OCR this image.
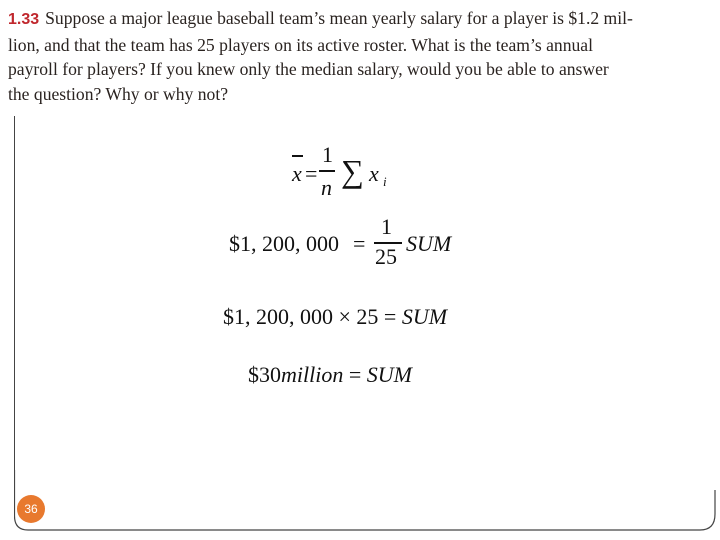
1.33 Suppose a major league baseball team’s mean yearly salary for a player is $1.2 mil-
lion, and that the team has 25 players on its active roster. What is the team’s annual
payroll for players? If you knew only the median salary, would you be able to answer
the question? Why or why not?
x =
1
n ∑ x i
$1, 200, 000 =
1
25
SUM
$1, 200, 000 × 25 = SUM
$30million = SUM
36
